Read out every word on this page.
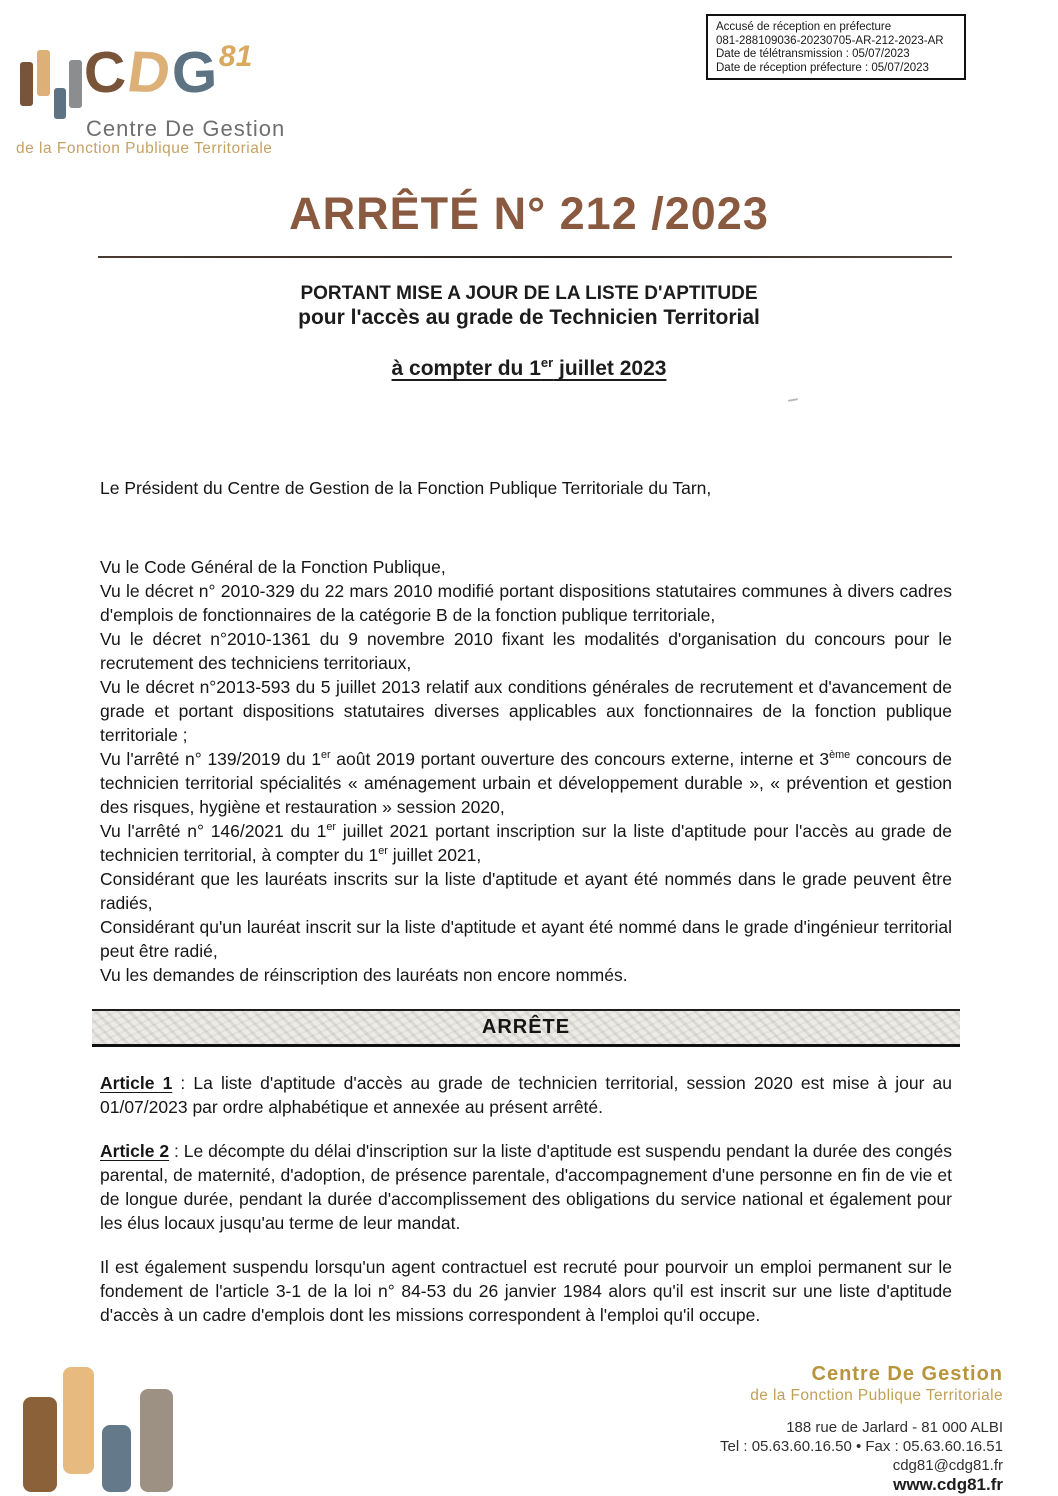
Accusé de réception en préfecture
081-288109036-20230705-AR-212-2023-AR
Date de télétransmission : 05/07/2023
Date de réception préfecture : 05/07/2023
CDG$^{81}$
Centre De Gestion
de la Fonction Publique Territoriale
ARRÊTÉ N° 212 /2023
PORTANT MISE A JOUR DE LA LISTE D'APTITUDE
pour l'accès au grade de Technicien Territorial
à compter du 1er juillet 2023

Le Président du Centre de Gestion de la Fonction Publique Territoriale du Tarn,

Vu le Code Général de la Fonction Publique,

Vu le décret n° 2010-329 du 22 mars 2010 modifié portant dispositions statutaires communes à divers cadres d'emplois de fonctionnaires de la catégorie B de la fonction publique territoriale,

Vu le décret n°2010-1361 du 9 novembre 2010 fixant les modalités d'organisation du concours pour le recrutement des techniciens territoriaux,

Vu le décret n°2013-593 du 5 juillet 2013 relatif aux conditions générales de recrutement et d'avancement de grade et portant dispositions statutaires diverses applicables aux fonctionnaires de la fonction publique territoriale ;

Vu l'arrêté n° 139/2019 du 1er août 2019 portant ouverture des concours externe, interne et 3ème concours de technicien territorial spécialités « aménagement urbain et développement durable », « prévention et gestion des risques, hygiène et restauration » session 2020,

Vu l'arrêté n° 146/2021 du 1er juillet 2021 portant inscription sur la liste d'aptitude pour l'accès au grade de technicien territorial, à compter du 1er juillet 2021,

Considérant que les lauréats inscrits sur la liste d'aptitude et ayant été nommés dans le grade peuvent être radiés,

Considérant qu'un lauréat inscrit sur la liste d'aptitude et ayant été nommé dans le grade d'ingénieur territorial peut être radié,

Vu les demandes de réinscription des lauréats non encore nommés.

ARRÊTE

Article 1 : La liste d'aptitude d'accès au grade de technicien territorial, session 2020 est mise à jour au 01/07/2023 par ordre alphabétique et annexée au présent arrêté.

Article 2 : Le décompte du délai d'inscription sur la liste d'aptitude est suspendu pendant la durée des congés parental, de maternité, d'adoption, de présence parentale, d'accompagnement d'une personne en fin de vie et de longue durée, pendant la durée d'accomplissement des obligations du service national et également pour les élus locaux jusqu'au terme de leur mandat.

Il est également suspendu lorsqu'un agent contractuel est recruté pour pourvoir un emploi permanent sur le fondement de l'article 3-1 de la loi n° 84-53 du 26 janvier 1984 alors qu'il est inscrit sur une liste d'aptitude d'accès à un cadre d'emplois dont les missions correspondent à l'emploi qu'il occupe.

Centre De Gestion
de la Fonction Publique Territoriale
188 rue de Jarlard - 81 000 ALBI
Tel : 05.63.60.16.50 • Fax : 05.63.60.16.51
cdg81@cdg81.fr
www.cdg81.fr
